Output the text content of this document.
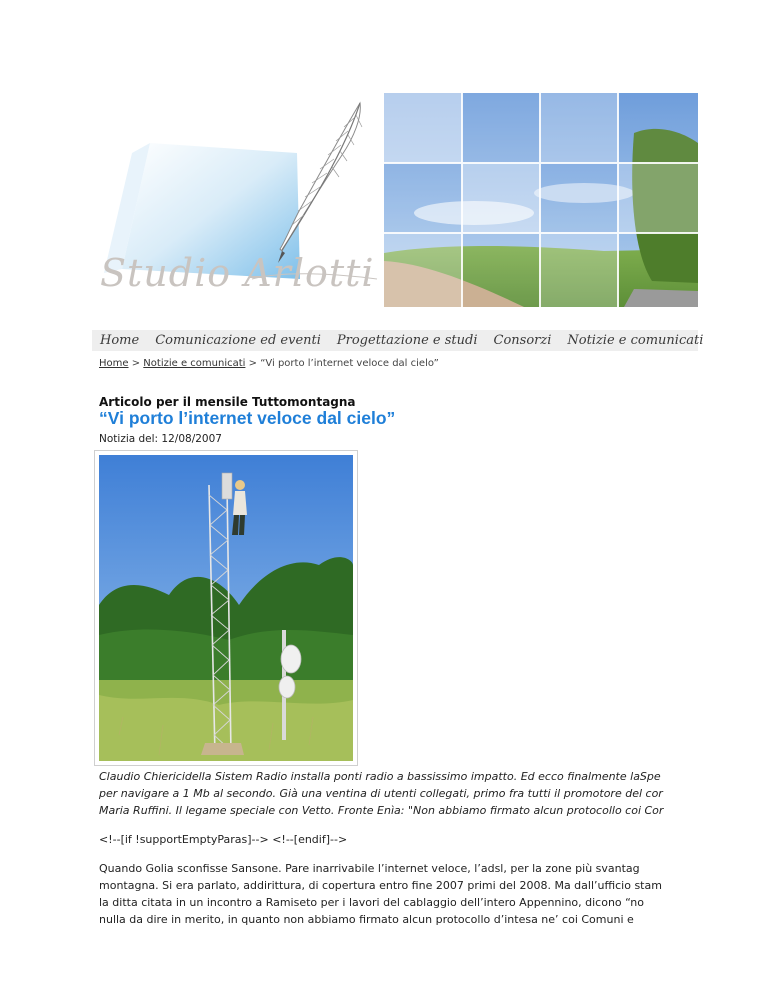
Studio Arlotti
Home	Comunicazione ed eventi	Progettazione e studi	Consorzi	Notizie e comunicati
Home > Notizie e comunicati > “Vi porto l’internet veloce dal cielo”
Articolo per il mensile Tuttomontagna
“Vi porto l’internet veloce dal cielo”
Notizia del: 12/08/2007

Claudio Chiericidella Sistem Radio installa ponti radio a bassissimo impatto. Ed ecco finalmente laSpe

per navigare a 1 Mb al secondo. Già una ventina di utenti collegati, primo fra tutti il promotore del cor

Maria Ruffini. Il legame speciale con Vetto. Fronte Enìa: "Non abbiamo firmato alcun protocollo coi Cor

<!--[if !supportEmptyParas]--> <!--[endif]-->

Quando Golia sconfisse Sansone. Pare inarrivabile l’internet veloce, l’adsl, per la zone più svantag

montagna. Si era parlato, addirittura, di copertura entro fine 2007 primi del 2008. Ma dall’ufficio stam

la ditta citata in un incontro a Ramiseto per i lavori del cablaggio dell’intero Appennino, dicono “no

nulla da dire in merito, in quanto non abbiamo firmato alcun protocollo d’intesa ne’ coi Comuni e
